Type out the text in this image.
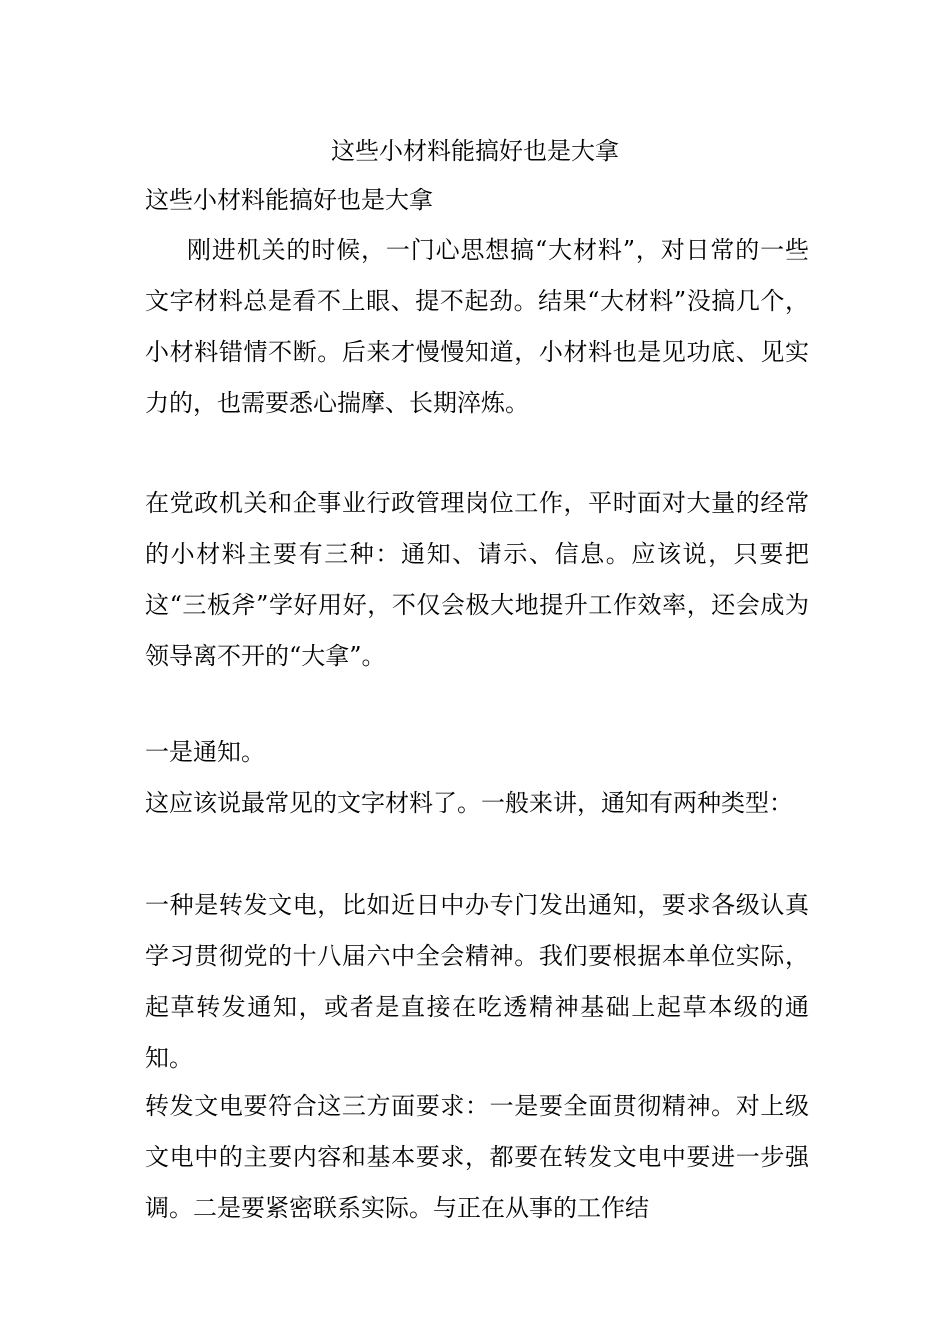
这些小材料能搞好也是大拿

这些小材料能搞好也是大拿

刚进机关的时候，一门心思想搞“大材料”，对日常的一些文字材料总是看不上眼、提不起劲。结果“大材料”没搞几个，小材料错情不断。后来才慢慢知道，小材料也是见功底、见实力的，也需要悉心揣摩、长期淬炼。

在党政机关和企事业行政管理岗位工作，平时面对大量的经常的小材料主要有三种：通知、请示、信息。应该说，只要把这“三板斧”学好用好，不仅会极大地提升工作效率，还会成为领导离不开的“大拿”。

一是通知。

这应该说最常见的文字材料了。一般来讲，通知有两种类型：

一种是转发文电，比如近日中办专门发出通知，要求各级认真学习贯彻党的十八届六中全会精神。我们要根据本单位实际，起草转发通知，或者是直接在吃透精神基础上起草本级的通知。

转发文电要符合这三方面要求：一是要全面贯彻精神。对上级文电中的主要内容和基本要求，都要在转发文电中要进一步强调。二是要紧密联系实际。与正在从事的工作结
